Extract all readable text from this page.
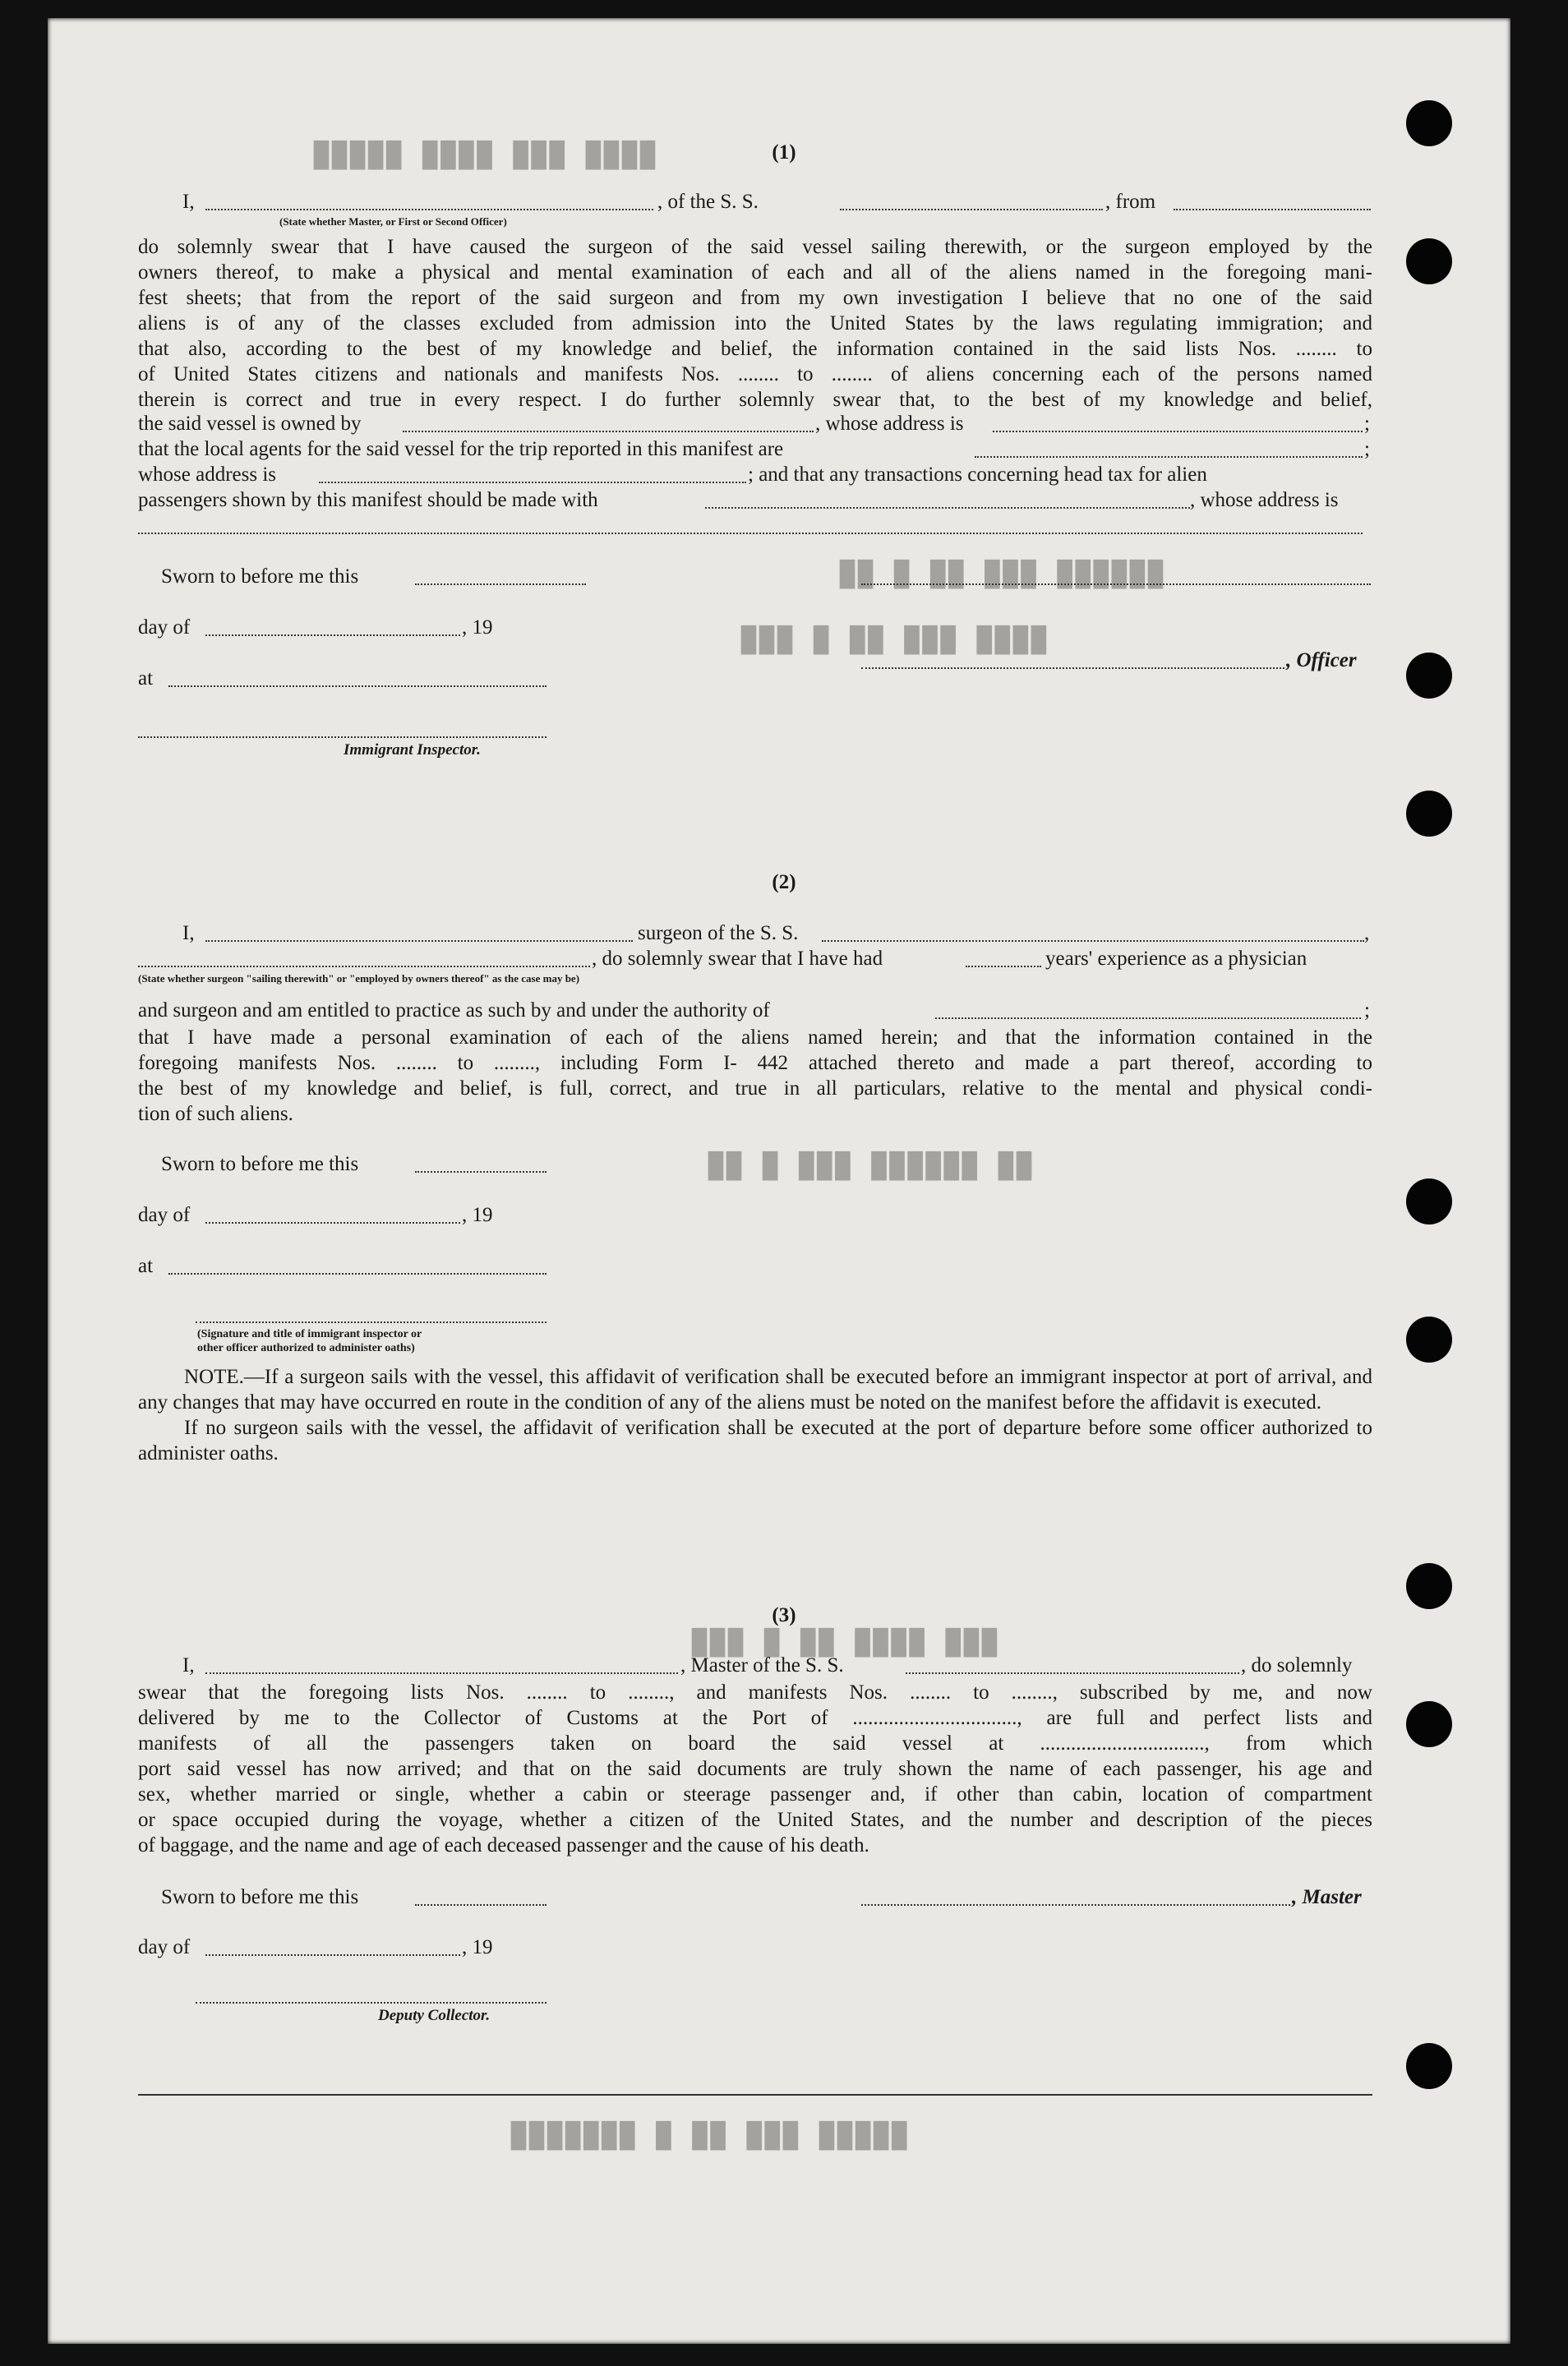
████ ███ ████ █████
██████ ███ ██ █ ██
████ ███ ██ █ ███
██ ██████ ███ █ ██
███ ████ ██ █ ███
█████ ███ ██ █ ███████
(1)
I,	, of the S. S.	, from
(State whether Master, or First or Second Officer)

do solemnly swear that I have caused the surgeon of the said vessel sailing therewith, or the surgeon employed by the

owners thereof, to make a physical and mental examination of each and all of the aliens named in the foregoing mani-

fest sheets; that from the report of the said surgeon and from my own investigation I believe that no one of the said

aliens is of any of the classes excluded from admission into the United States by the laws regulating immigration; and

that also, according to the best of my knowledge and belief, the information contained in the said lists Nos. ........ to

of United States citizens and nationals and manifests Nos. ........ to ........ of aliens concerning each of the persons named

therein is correct and true in every respect. I do further solemnly swear that, to the best of my knowledge and belief,

the said vessel is owned by	, whose address is	;
that the local agents for the said vessel for the trip reported in this manifest are	;
whose address is	; and that any transactions concerning head tax for alien
passengers shown by this manifest should be made with	, whose address is
Sworn to before me this
day of	, 19
, Officer
at
Immigrant Inspector.
(2)
I,	surgeon of the S. S.	,
, do solemnly swear that I have had	years' experience as a physician
(State whether surgeon "sailing therewith" or "employed by owners thereof" as the case may be)
and surgeon and am entitled to practice as such by and under the authority of	;

that I have made a personal examination of each of the aliens named herein; and that the information contained in the

foregoing manifests Nos. ........ to ........, including Form I- 442 attached thereto and made a part thereof, according to

the best of my knowledge and belief, is full, correct, and true in all particulars, relative to the mental and physical condi-

tion of such aliens.

Sworn to before me this
day of	, 19
at
(Signature and title of immigrant inspector or
other officer authorized to administer oaths)

NOTE.—If a surgeon sails with the vessel, this affidavit of verification shall be executed before an immigrant inspector at port of arrival, and any changes that may have occurred en route in the condition of any of the aliens must be noted on the manifest before the affidavit is executed.

If no surgeon sails with the vessel, the affidavit of verification shall be executed at the port of departure before some officer authorized to administer oaths.

(3)
I,	, Master of the S. S.	, do solemnly

swear that the foregoing lists Nos. ........ to ........, and manifests Nos. ........ to ........, subscribed by me, and now

delivered by me to the Collector of Customs at the Port of ................................, are full and perfect lists and

manifests of all the passengers taken on board the said vessel at ................................, from which

port said vessel has now arrived; and that on the said documents are truly shown the name of each passenger, his age and

sex, whether married or single, whether a cabin or steerage passenger and, if other than cabin, location of compartment

or space occupied during the voyage, whether a citizen of the United States, and the number and description of the pieces

of baggage, and the name and age of each deceased passenger and the cause of his death.

Sworn to before me this	, Master
day of	, 19
Deputy Collector.
